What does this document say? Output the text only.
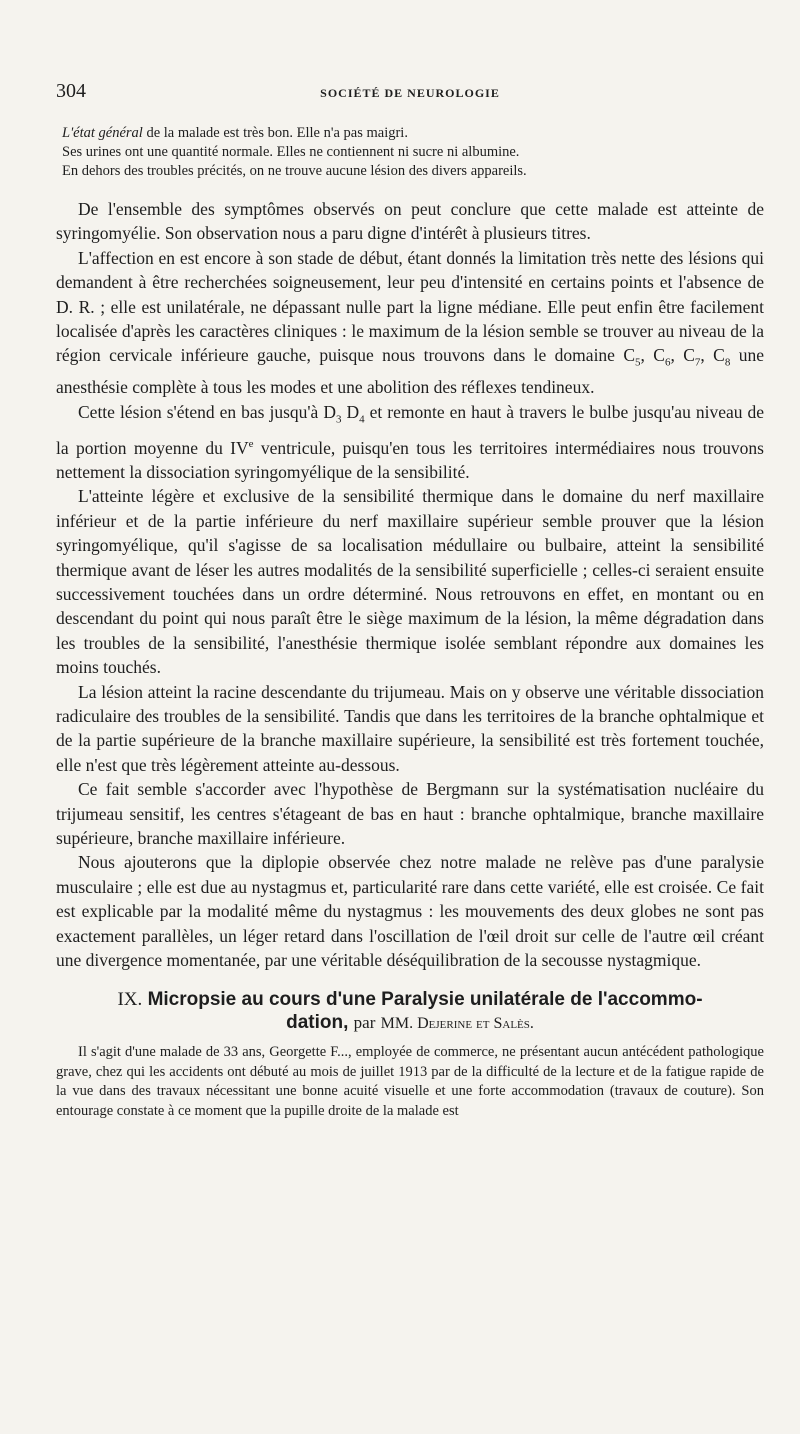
304	SOCIÉTÉ DE NEUROLOGIE

L'état général de la malade est très bon. Elle n'a pas maigri.

Ses urines ont une quantité normale. Elles ne contiennent ni sucre ni albumine.

En dehors des troubles précités, on ne trouve aucune lésion des divers appareils.

De l'ensemble des symptômes observés on peut conclure que cette malade est atteinte de syringomyélie. Son observation nous a paru digne d'intérêt à plusieurs titres.

L'affection en est encore à son stade de début, étant donnés la limitation très nette des lésions qui demandent à être recherchées soigneusement, leur peu d'intensité en certains points et l'absence de D. R. ; elle est unilatérale, ne dépassant nulle part la ligne médiane. Elle peut enfin être facilement localisée d'après les caractères cliniques : le maximum de la lésion semble se trouver au niveau de la région cervicale inférieure gauche, puisque nous trouvons dans le domaine $C_5$, $C_6$, $C_7$, $C_8$ une anesthésie complète à tous les modes et une abolition des réflexes tendineux.

Cette lésion s'étend en bas jusqu'à $D_3$ $D_4$ et remonte en haut à travers le bulbe jusqu'au niveau de la portion moyenne du IVe ventricule, puisqu'en tous les territoires intermédiaires nous trouvons nettement la dissociation syringomyélique de la sensibilité.

L'atteinte légère et exclusive de la sensibilité thermique dans le domaine du nerf maxillaire inférieur et de la partie inférieure du nerf maxillaire supérieur semble prouver que la lésion syringomyélique, qu'il s'agisse de sa localisation médullaire ou bulbaire, atteint la sensibilité thermique avant de léser les autres modalités de la sensibilité superficielle ; celles-ci seraient ensuite successivement touchées dans un ordre déterminé. Nous retrouvons en effet, en montant ou en descendant du point qui nous paraît être le siège maximum de la lésion, la même dégradation dans les troubles de la sensibilité, l'anesthésie thermique isolée semblant répondre aux domaines les moins touchés.

La lésion atteint la racine descendante du trijumeau. Mais on y observe une véritable dissociation radiculaire des troubles de la sensibilité. Tandis que dans les territoires de la branche ophtalmique et de la partie supérieure de la branche maxillaire supérieure, la sensibilité est très fortement touchée, elle n'est que très légèrement atteinte au-dessous.

Ce fait semble s'accorder avec l'hypothèse de Bergmann sur la systématisation nucléaire du trijumeau sensitif, les centres s'étageant de bas en haut : branche ophtalmique, branche maxillaire supérieure, branche maxillaire inférieure.

Nous ajouterons que la diplopie observée chez notre malade ne relève pas d'une paralysie musculaire ; elle est due au nystagmus et, particularité rare dans cette variété, elle est croisée. Ce fait est explicable par la modalité même du nystagmus : les mouvements des deux globes ne sont pas exactement parallèles, un léger retard dans l'oscillation de l'œil droit sur celle de l'autre œil créant une divergence momentanée, par une véritable déséquilibration de la secousse nystagmique.

IX. Micropsie au cours d'une Paralysie unilatérale de l'accommo-

dation, par MM. Dejerine et Salès.

Il s'agit d'une malade de 33 ans, Georgette F..., employée de commerce, ne présentant aucun antécédent pathologique grave, chez qui les accidents ont débuté au mois de juillet 1913 par de la difficulté de la lecture et de la fatigue rapide de la vue dans des travaux nécessitant une bonne acuité visuelle et une forte accommodation (travaux de couture). Son entourage constate à ce moment que la pupille droite de la malade est
